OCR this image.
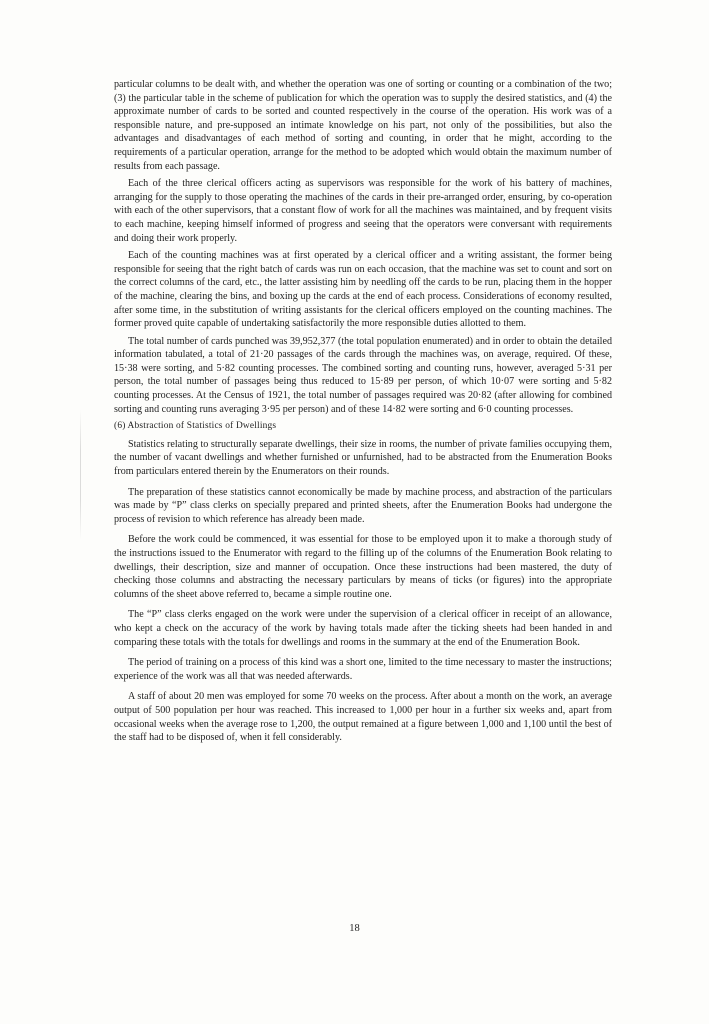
particular columns to be dealt with, and whether the operation was one of sorting or counting or a combination of the two; (3) the particular table in the scheme of publication for which the operation was to supply the desired statistics, and (4) the approximate number of cards to be sorted and counted respectively in the course of the operation. His work was of a responsible nature, and pre-supposed an intimate knowledge on his part, not only of the possibilities, but also the advantages and disadvantages of each method of sorting and counting, in order that he might, according to the requirements of a particular operation, arrange for the method to be adopted which would obtain the maximum number of results from each passage.

Each of the three clerical officers acting as supervisors was responsible for the work of his battery of machines, arranging for the supply to those operating the machines of the cards in their pre-arranged order, ensuring, by co-operation with each of the other supervisors, that a constant flow of work for all the machines was maintained, and by frequent visits to each machine, keeping himself informed of progress and seeing that the operators were conversant with requirements and doing their work properly.

Each of the counting machines was at first operated by a clerical officer and a writing assistant, the former being responsible for seeing that the right batch of cards was run on each occasion, that the machine was set to count and sort on the correct columns of the card, etc., the latter assisting him by needling off the cards to be run, placing them in the hopper of the machine, clearing the bins, and boxing up the cards at the end of each process. Considerations of economy resulted, after some time, in the substitution of writing assistants for the clerical officers employed on the counting machines. The former proved quite capable of undertaking satisfactorily the more responsible duties allotted to them.

The total number of cards punched was 39,952,377 (the total population enumerated) and in order to obtain the detailed information tabulated, a total of 21·20 passages of the cards through the machines was, on average, required. Of these, 15·38 were sorting, and 5·82 counting processes. The combined sorting and counting runs, however, averaged 5·31 per person, the total number of passages being thus reduced to 15·89 per person, of which 10·07 were sorting and 5·82 counting processes. At the Census of 1921, the total number of passages required was 20·82 (after allowing for combined sorting and counting runs averaging 3·95 per person) and of these 14·82 were sorting and 6·0 counting processes.

(6) Abstraction of Statistics of Dwellings

Statistics relating to structurally separate dwellings, their size in rooms, the number of private families occupying them, the number of vacant dwellings and whether furnished or unfurnished, had to be abstracted from the Enumeration Books from particulars entered therein by the Enumerators on their rounds.

The preparation of these statistics cannot economically be made by machine process, and abstraction of the particulars was made by “P” class clerks on specially prepared and printed sheets, after the Enumeration Books had undergone the process of revision to which reference has already been made.

Before the work could be commenced, it was essential for those to be employed upon it to make a thorough study of the instructions issued to the Enumerator with regard to the filling up of the columns of the Enumeration Book relating to dwellings, their description, size and manner of occupation. Once these instructions had been mastered, the duty of checking those columns and abstracting the necessary particulars by means of ticks (or figures) into the appropriate columns of the sheet above referred to, became a simple routine one.

The “P” class clerks engaged on the work were under the supervision of a clerical officer in receipt of an allowance, who kept a check on the accuracy of the work by having totals made after the ticking sheets had been handed in and comparing these totals with the totals for dwellings and rooms in the summary at the end of the Enumeration Book.

The period of training on a process of this kind was a short one, limited to the time necessary to master the instructions; experience of the work was all that was needed afterwards.

A staff of about 20 men was employed for some 70 weeks on the process. After about a month on the work, an average output of 500 population per hour was reached. This increased to 1,000 per hour in a further six weeks and, apart from occasional weeks when the average rose to 1,200, the output remained at a figure between 1,000 and 1,100 until the best of the staff had to be disposed of, when it fell considerably.

18
